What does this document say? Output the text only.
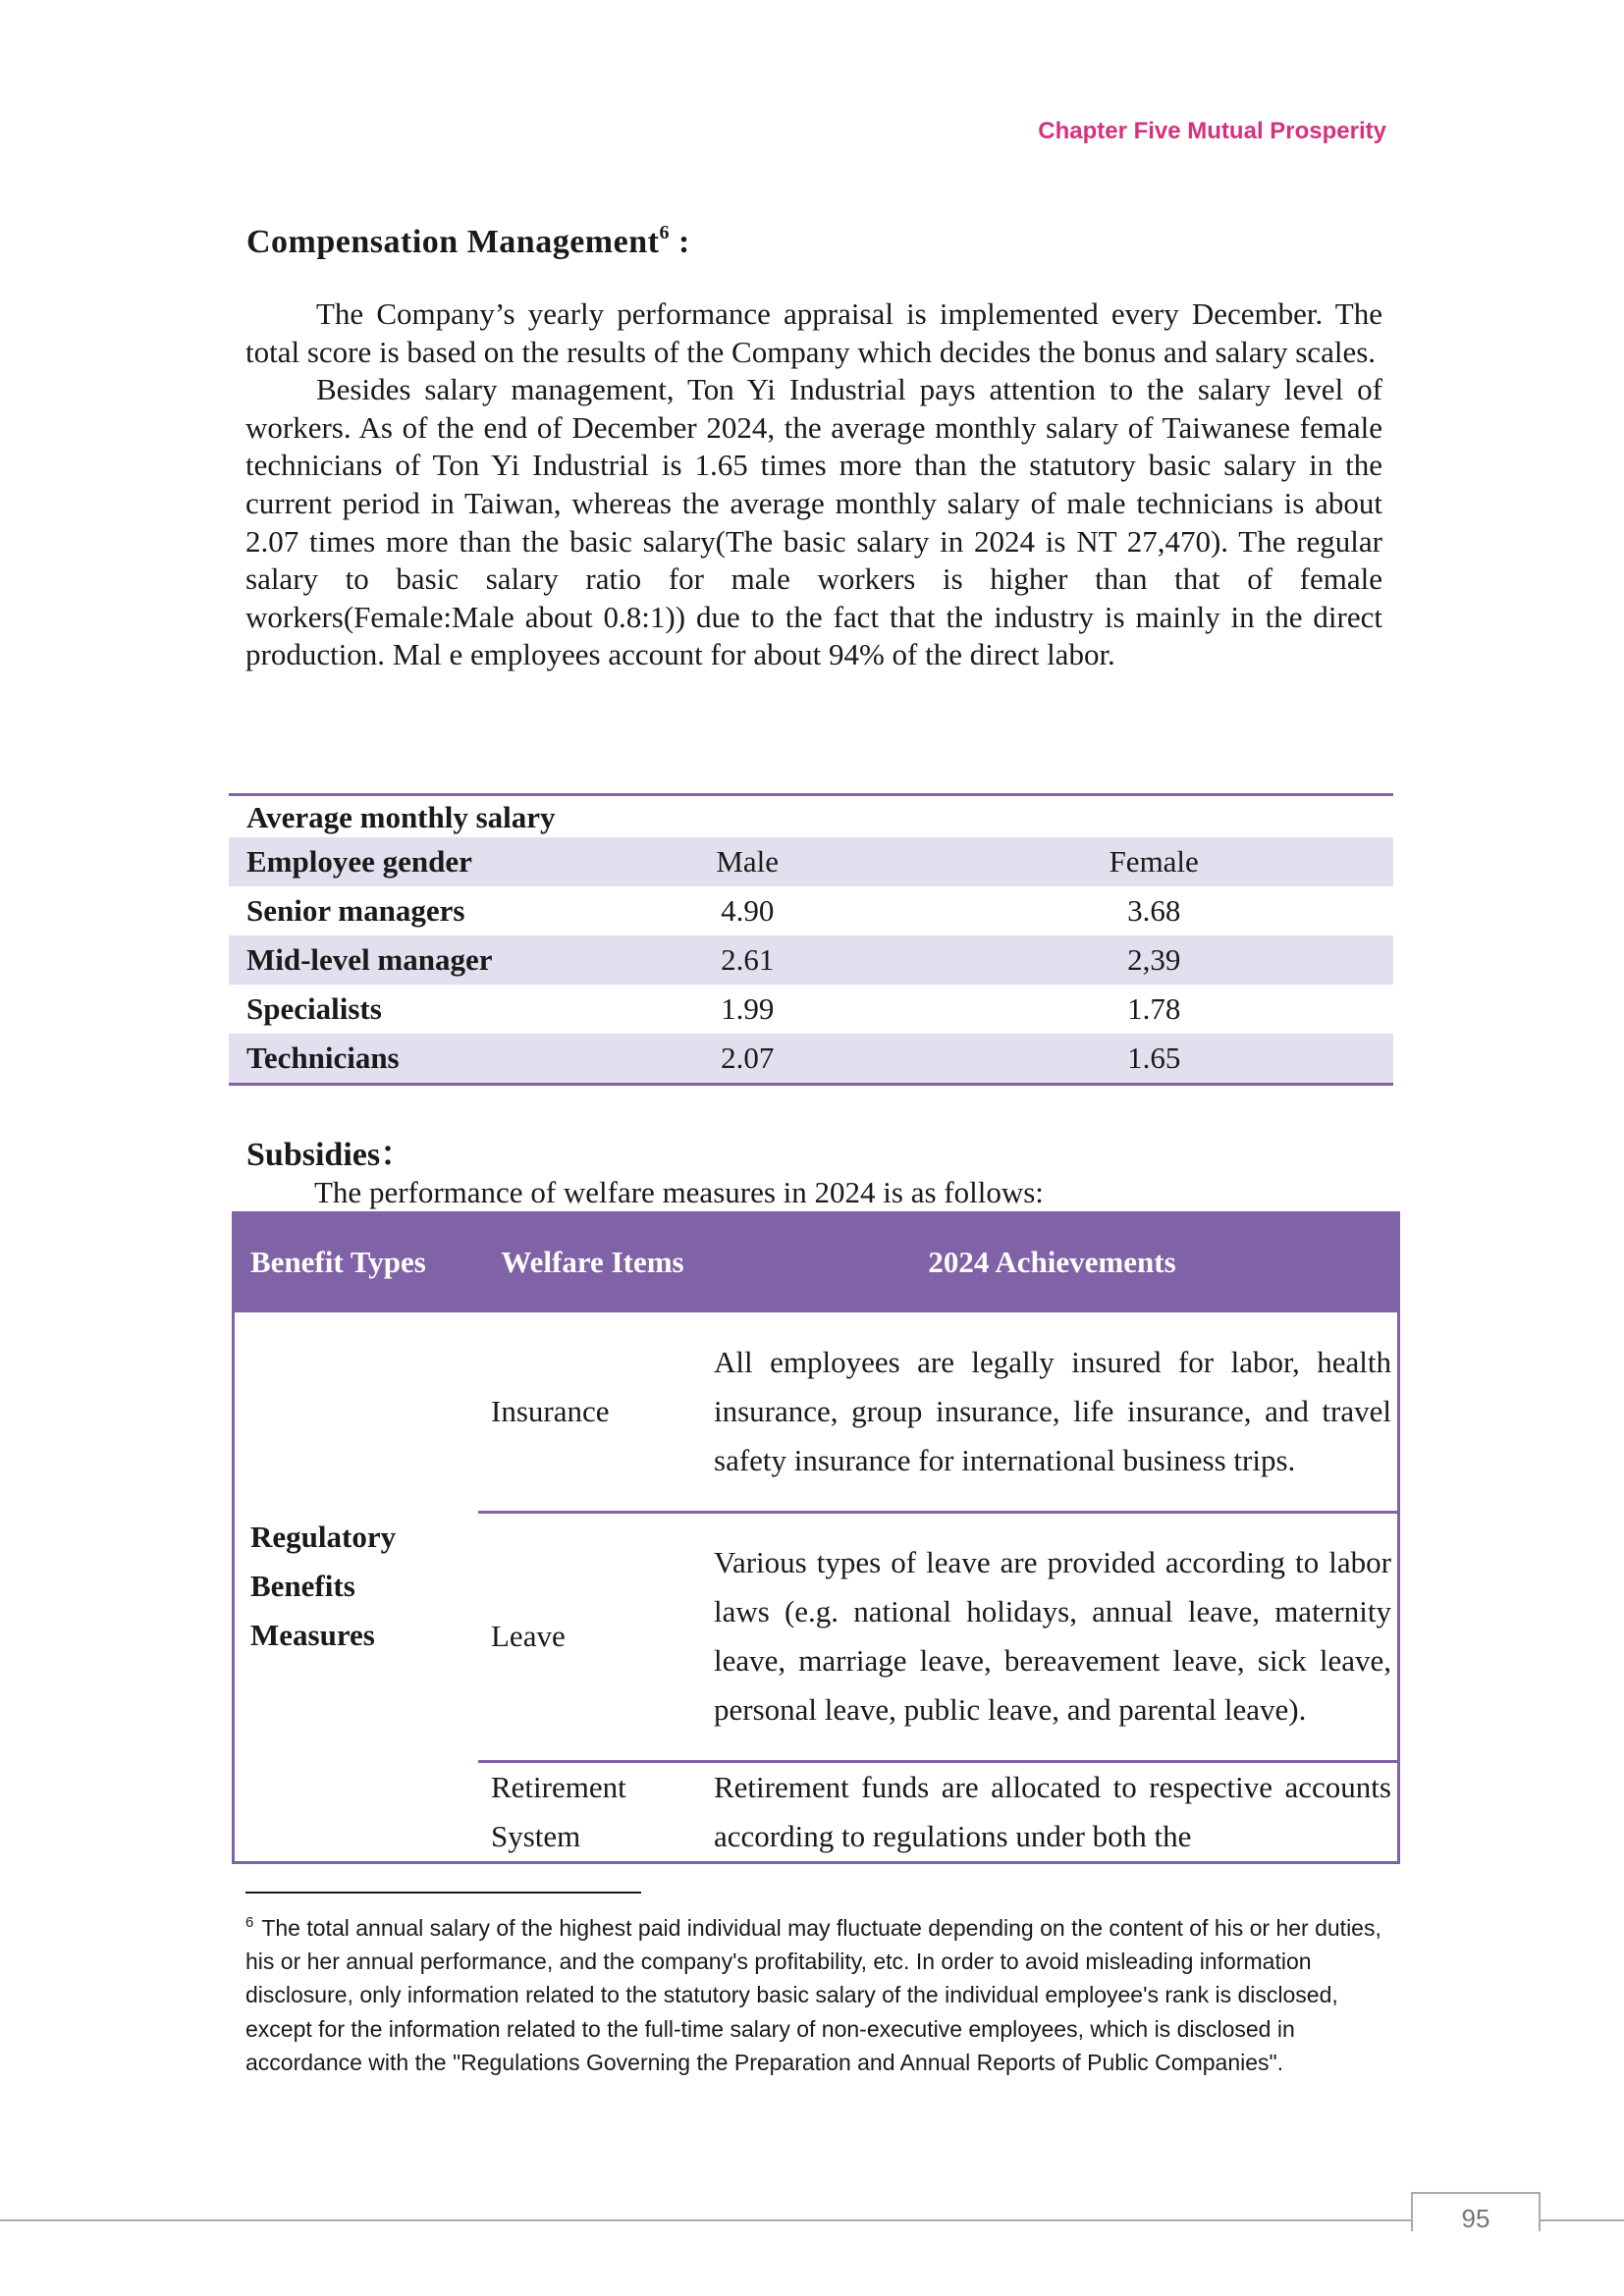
Chapter Five Mutual Prosperity
Compensation Management$^6$ :

The Company’s yearly performance appraisal is implemented every December. The total score is based on the results of the Company which decides the bonus and salary scales.

Besides salary management, Ton Yi Industrial pays attention to the salary level of workers. As of the end of December 2024, the average monthly salary of Taiwanese female technicians of Ton Yi Industrial is 1.65 times more than the statutory basic salary in the current period in Taiwan, whereas the average monthly salary of male technicians is about 2.07 times more than the basic salary(The basic salary in 2024 is NT 27,470). The regular salary to basic salary ratio for male workers is higher than that of female workers(Female:Male about 0.8:1)) due to the fact that the industry is mainly in the direct production. Mal e employees account for about 94% of the direct labor.

Average monthly salary		
Employee gender	Male	Female
Senior managers	4.90	3.68
Mid-level manager	2.61	2,39
Specialists	1.99	1.78
Technicians	2.07	1.65
Subsidies：
The performance of welfare measures in 2024 is as follows:
Benefit Types	Welfare Items	2024 Achievements

Regulatory Benefits Measures	Insurance	All employees are legally insured for labor, health insurance, group insurance, life insurance, and travel safety insurance for international business trips.
	Leave	Various types of leave are provided according to labor laws (e.g. national holidays, annual leave, maternity leave, marriage leave, bereavement leave, sick leave, personal leave, public leave, and parental leave).

	Retirement System	Retirement funds are allocated to respective accounts according to regulations under both the
$^6$ The total annual salary of the highest paid individual may fluctuate depending on the content of his or her duties, his or her annual performance, and the company's profitability, etc. In order to avoid misleading information disclosure, only information related to the statutory basic salary of the individual employee's rank is disclosed, except for the information related to the full-time salary of non-executive employees, which is disclosed in accordance with the "Regulations Governing the Preparation and Annual Reports of Public Companies".
95
